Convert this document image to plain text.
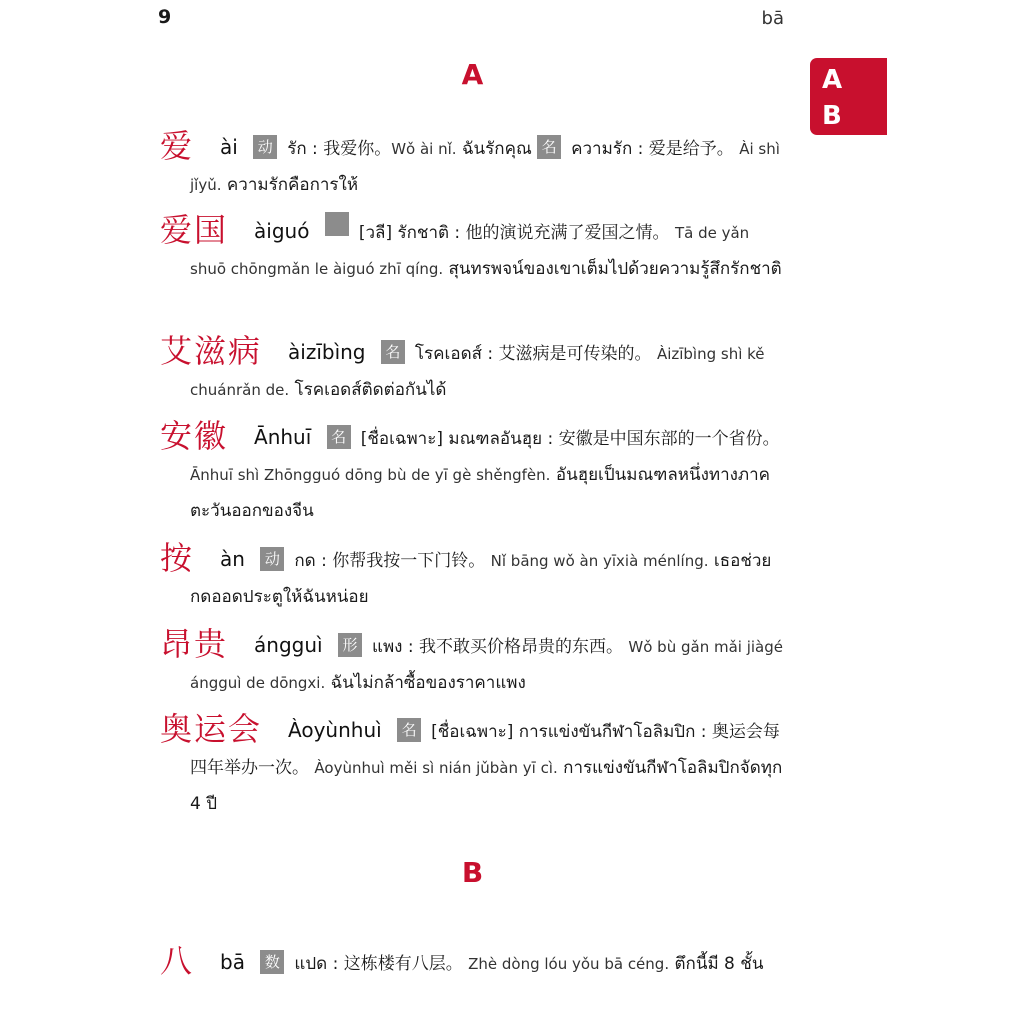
9	bā
A
B
A
B

爱 ài 动 รัก : 我爱你。Wǒ ài nǐ. ฉันรักคุณ 名 ความรัก : 爱是给予。 Ài shì jǐyǔ. ความรักคือการให้

爱国 àiguó	[วลี] รักชาติ : 他的演说充满了爱国之情。 Tā de yǎn shuō chōngmǎn le àiguó zhī qíng. สุนทรพจน์ของเขาเต็มไปด้วยความรู้สึกรักชาติ

艾滋病 àizībìng 名 โรคเอดส์ : 艾滋病是可传染的。 Àizībìng shì kě chuánrǎn de. โรคเอดส์ติดต่อกันได้

安徽 Ānhuī 名 [ชื่อเฉพาะ] มณฑลอันฮุย : 安徽是中国东部的一个省份。 Ānhuī shì Zhōngguó dōng bù de yī gè shěngfèn. อันฮุยเป็นมณฑลหนึ่งทางภาคตะวันออกของจีน

按 àn 动 กด : 你帮我按一下门铃。 Nǐ bāng wǒ àn yīxià ménlíng. เธอช่วยกดออดประตูให้ฉันหน่อย

昂贵 ángguì 形 แพง : 我不敢买价格昂贵的东西。 Wǒ bù gǎn mǎi jiàgé ángguì de dōngxi. ฉันไม่กล้าซื้อของราคาแพง

奥运会 Àoyùnhuì 名 [ชื่อเฉพาะ] การแข่งขันกีฬาโอลิมปิก : 奥运会每四年举办一次。 Àoyùnhuì měi sì nián jǔbàn yī cì. การแข่งขันกีฬาโอลิมปิกจัดทุก 4 ปี

八 bā 数 แปด : 这栋楼有八层。 Zhè dòng lóu yǒu bā céng. ตึกนี้มี 8 ชั้น
